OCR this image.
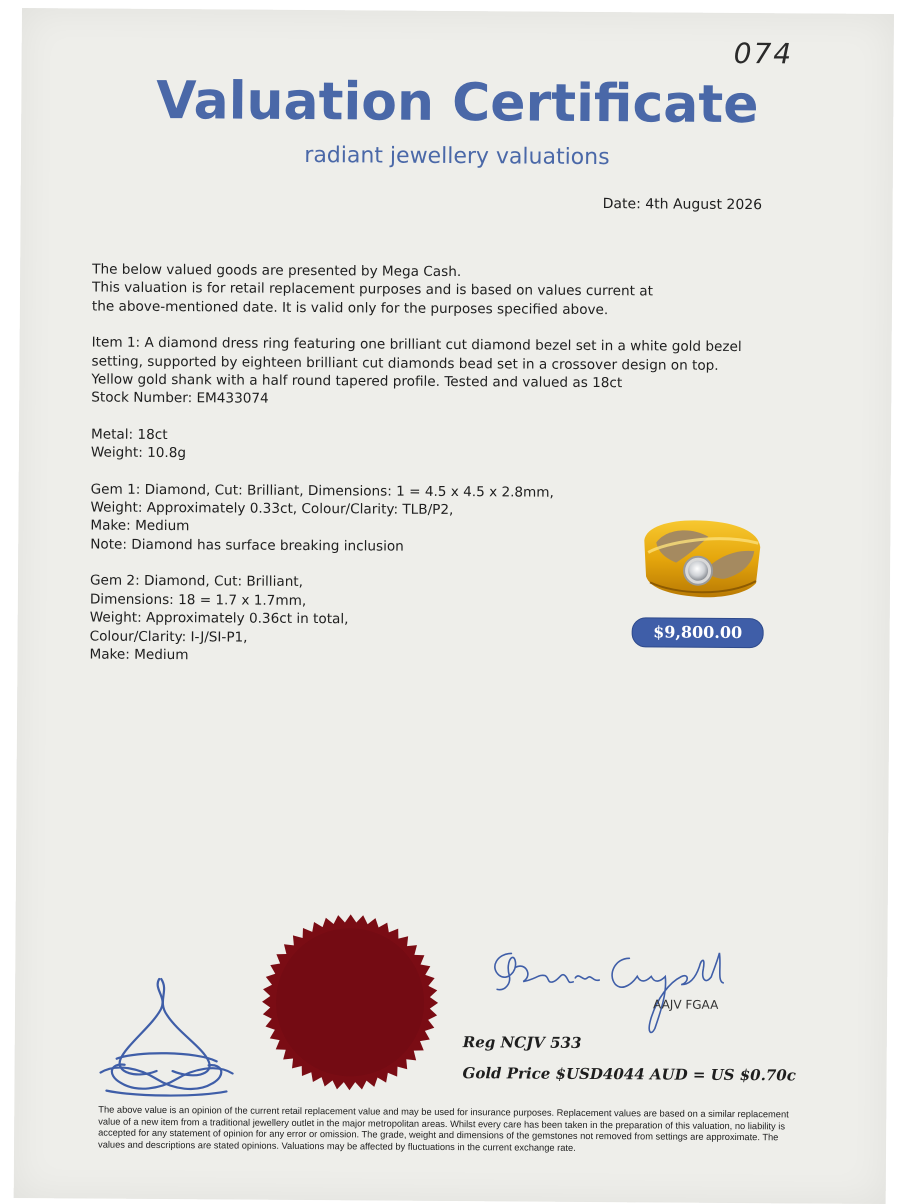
074
Valuation Certificate
radiant jewellery valuations
Date: 4th August 2026

The below valued goods are presented by Mega Cash.
This valuation is for retail replacement purposes and is based on values current at
the above-mentioned date. It is valid only for the purposes specified above.

Item 1: A diamond dress ring featuring one brilliant cut diamond bezel set in a white gold bezel
setting, supported by eighteen brilliant cut diamonds bead set in a crossover design on top.
Yellow gold shank with a half round tapered profile. Tested and valued as 18ct
Stock Number: EM433074

Metal: 18ct
Weight: 10.8g

Gem 1: Diamond, Cut: Brilliant, Dimensions: 1 = 4.5 x 4.5 x 2.8mm,
Weight: Approximately 0.33ct, Colour/Clarity: TLB/P2,
Make: Medium
Note: Diamond has surface breaking inclusion

Gem 2: Diamond, Cut: Brilliant,
Dimensions: 18 = 1.7 x 1.7mm,
Weight: Approximately 0.36ct in total,
Colour/Clarity: I-J/SI-P1,
Make: Medium

$9,800.00
AAJV FGAA
Reg NCJV 533
Gold Price $USD4044 AUD = US $0.70c
The above value is an opinion of the current retail replacement value and may be used for insurance purposes. Replacement values are based on a similar replacement value of a new item from a traditional jewellery outlet in the major metropolitan areas. Whilst every care has been taken in the preparation of this valuation, no liability is accepted for any statement of opinion for any error or omission. The grade, weight and dimensions of the gemstones not removed from settings are approximate. The values and descriptions are stated opinions. Valuations may be affected by fluctuations in the current exchange rate.
